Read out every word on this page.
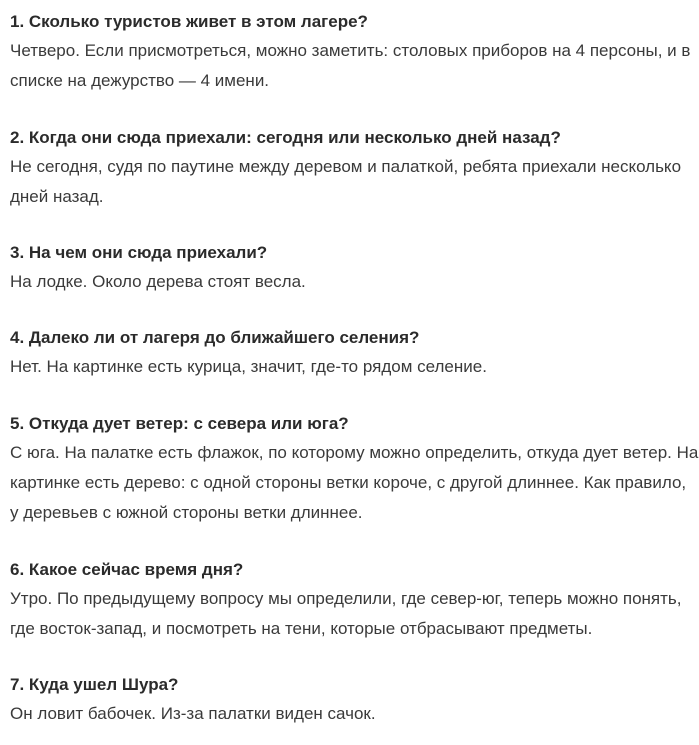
1. Сколько туристов живет в этом лагере?

Четверо. Если присмотреться, можно заметить: столовых приборов на 4 персоны, и в списке на дежурство — 4 имени.

2. Когда они сюда приехали: сегодня или несколько дней назад?

Не сегодня, судя по паутине между деревом и палаткой, ребята приехали несколько дней назад.

3. На чем они сюда приехали?

На лодке. Около дерева стоят весла.

4. Далеко ли от лагеря до ближайшего селения?

Нет. На картинке есть курица, значит, где-то рядом селение.

5. Откуда дует ветер: с севера или юга?

С юга. На палатке есть флажок, по которому можно определить, откуда дует ветер. На картинке есть дерево: с одной стороны ветки короче, с другой длиннее. Как правило, у деревьев с южной стороны ветки длиннее.

6. Какое сейчас время дня?

Утро. По предыдущему вопросу мы определили, где север-юг, теперь можно понять, где восток-запад, и посмотреть на тени, которые отбрасывают предметы.

7. Куда ушел Шура?

Он ловит бабочек. Из-за палатки виден сачок.
